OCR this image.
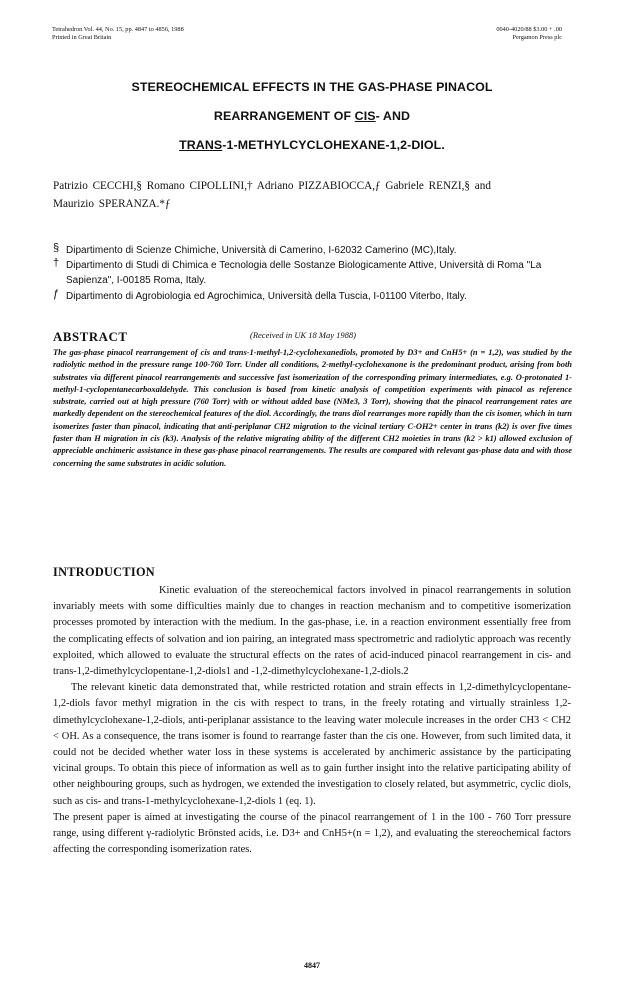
Tetrahedron Vol. 44, No. 15, pp. 4847 to 4856, 1988
Printed in Great Britain
0040-4020/88 $3.00 + .00
Pergamon Press plc
STEREOCHEMICAL EFFECTS IN THE GAS-PHASE PINACOL
REARRANGEMENT OF CIS- AND
TRANS-1-METHYLCYCLOHEXANE-1,2-DIOL.
Patrizio CECCHI,§ Romano CIPOLLINI,† Adriano PIZZABIOCCA,ƒ Gabriele RENZI,§ and
Maurizio SPERANZA.*ƒ
§ Dipartimento di Scienze Chimiche, Università di Camerino, I-62032 Camerino (MC),Italy.
† Dipartimento di Studi di Chimica e Tecnologia delle Sostanze Biologicamente Attive, Università di Roma "La Sapienza", I-00185 Roma, Italy.
ƒ Dipartimento di Agrobiologia ed Agrochimica, Università della Tuscia, I-01100 Viterbo, Italy.
ABSTRACT	(Received in UK 18 May 1988)
The gas-phase pinacol rearrangement of cis and trans-1-methyl-1,2-cyclohexanediols, promoted by D3+ and CnH5+ (n = 1,2), was studied by the radiolytic method in the pressure range 100-760 Torr. Under all conditions, 2-methyl-cyclohexanone is the predominant product, arising from both substrates via different pinacol rearrangements and successive fast isomerization of the corresponding primary intermediates, e.g. O-protonated 1-methyl-1-cyclopentanecarboxaldehyde. This conclusion is based from kinetic analysis of competition experiments with pinacol as reference substrate, carried out at high pressure (760 Torr) with or without added base (NMe3, 3 Torr), showing that the pinacol rearrangement rates are markedly dependent on the stereochemical features of the diol. Accordingly, the trans diol rearranges more rapidly than the cis isomer, which in turn isomerizes faster than pinacol, indicating that anti-periplanar CH2 migration to the vicinal tertiary C-OH2+ center in trans (k2) is over five times faster than H migration in cis (k3). Analysis of the relative migrating ability of the different CH2 moieties in trans (k2 > k1) allowed exclusion of appreciable anchimeric assistance in these gas-phase pinacol rearrangements. The results are compared with relevant gas-phase data and with those concerning the same substrates in acidic solution.
INTRODUCTION

Kinetic evaluation of the stereochemical factors involved in pinacol rearrangements in solution invariably meets with some difficulties mainly due to changes in reaction mechanism and to competitive isomerization processes promoted by interaction with the medium. In the gas-phase, i.e. in a reaction environment essentially free from the complicating effects of solvation and ion pairing, an integrated mass spectrometric and radiolytic approach was recently exploited, which allowed to evaluate the structural effects on the rates of acid-induced pinacol rearrangement in cis- and trans-1,2-dimethylcyclopentane-1,2-diols1 and -1,2-dimethylcyclohexane-1,2-diols.2

The relevant kinetic data demonstrated that, while restricted rotation and strain effects in 1,2-dimethylcyclopentane-1,2-diols favor methyl migration in the cis with respect to trans, in the freely rotating and virtually strainless 1,2-dimethylcyclohexane-1,2-diols, anti-periplanar assistance to the leaving water molecule increases in the order CH3 < CH2 < OH. As a consequence, the trans isomer is found to rearrange faster than the cis one. However, from such limited data, it could not be decided whether water loss in these systems is accelerated by anchimeric assistance by the participating vicinal groups. To obtain this piece of information as well as to gain further insight into the relative participating ability of other neighbouring groups, such as hydrogen, we extended the investigation to closely related, but asymmetric, cyclic diols, such as cis- and trans-1-methylcyclohexane-1,2-diols 1 (eq. 1).

The present paper is aimed at investigating the course of the pinacol rearrangement of 1 in the 100 - 760 Torr pressure range, using different γ-radiolytic Brönsted acids, i.e. D3+ and CnH5+(n = 1,2), and evaluating the stereochemical factors affecting the corresponding isomerization rates.

4847
